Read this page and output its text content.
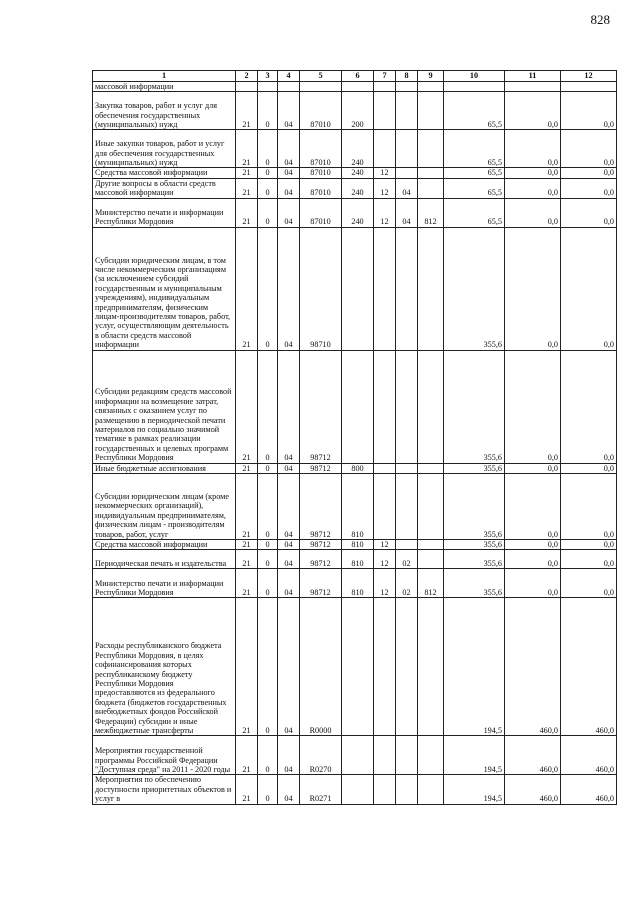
828
1	2	3	4	5	6	7	8	9	10	11	12
массовой информации											
Закупка товаров, работ и услуг для обеспечения государственных (муниципальных) нужд	21	0	04	87010	200				65,5	0,0	0,0
Иные закупки товаров, работ и услуг для обеспечения государственных (муниципальных) нужд	21	0	04	87010	240				65,5	0,0	0,0
Средства массовой информации	21	0	04	87010	240	12			65,5	0,0	0,0
Другие вопросы в области средств массовой информации	21	0	04	87010	240	12	04		65,5	0,0	0,0
Министерство печати и информации Республики Мордовия	21	0	04	87010	240	12	04	812	65,5	0,0	0,0
Субсидии юридическим лицам, в том числе некоммерческим организациям (за исключением субсидий государственным и муниципальным учреждениям), индивидуальным предпринимателям, физическим лицам-производителям товаров, работ, услуг, осуществляющим деятельность в области средств массовой информации	21	0	04	98710					355,6	0,0	0,0
Субсидии редакциям средств массовой информации на возмещение затрат, связанных с оказанием услуг по размещению в периодической печати материалов по социально значимой тематике в рамках реализации государственных и целевых программ Республики Мордовия	21	0	04	98712					355,6	0,0	0,0
Иные бюджетные ассигнования	21	0	04	98712	800				355,6	0,0	0,0
Субсидии юридическим лицам (кроме некоммерческих организаций), индивидуальным предпринимателям, физическим лицам - производителям товаров, работ, услуг	21	0	04	98712	810				355,6	0,0	0,0
Средства массовой информации	21	0	04	98712	810	12			355,6	0,0	0,0
Периодическая печать и издательства	21	0	04	98712	810	12	02		355,6	0,0	0,0
Министерство печати и информации Республики Мордовия	21	0	04	98712	810	12	02	812	355,6	0,0	0,0
Расходы республиканского бюджета Республики Мордовия, в целях софинансирования которых республиканскому бюджету Республики Мордовия предоставляются из федерального бюджета (бюджетов государственных внебюджетных фондов Российской Федерации) субсидии и иные межбюджетные трансферты	21	0	04	R0000					194,5	460,0	460,0
Мероприятия государственной программы Российской Федерации "Доступная среда" на 2011 - 2020 годы	21	0	04	R0270					194,5	460,0	460,0
Мероприятия по обеспечению доступности приоритетных объектов и услуг в	21	0	04	R0271					194,5	460,0	460,0
